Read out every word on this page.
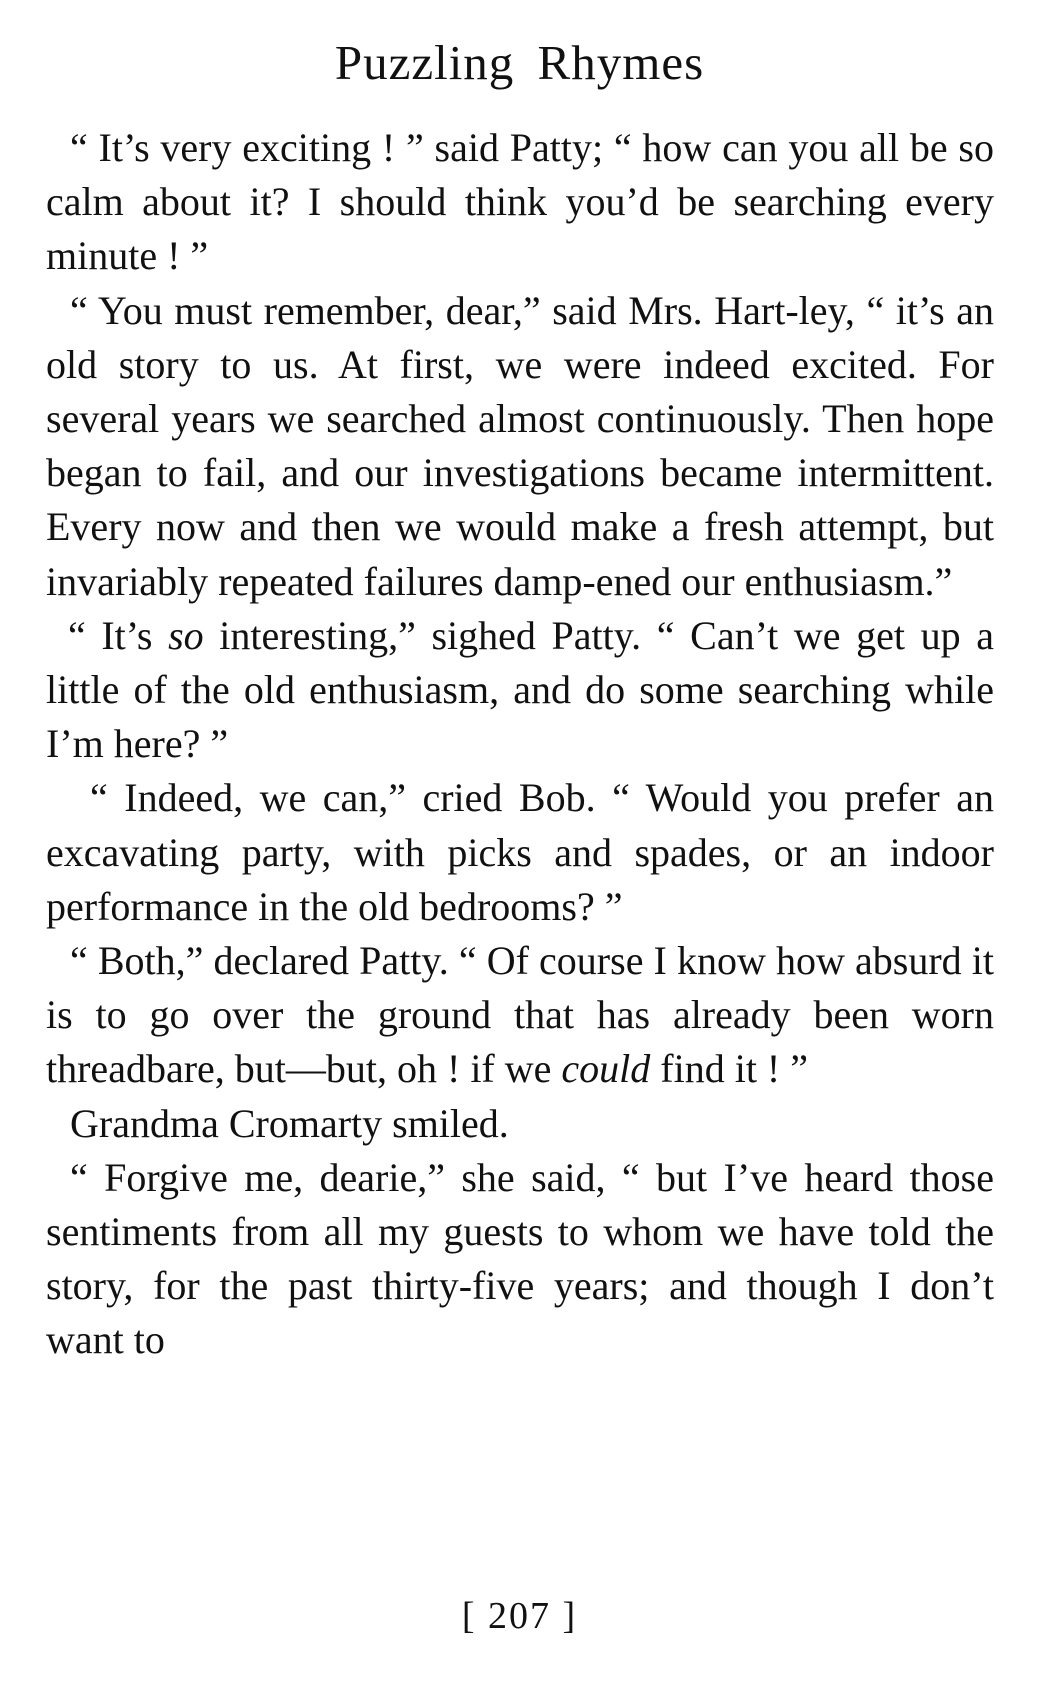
Puzzling Rhymes

“ It’s very exciting ! ” said Patty; “ how can you all be so calm about it? I should think you’d be searching every minute ! ”

“ You must remember, dear,” said Mrs. Hart-ley, “ it’s an old story to us. At first, we were indeed excited. For several years we searched almost continuously. Then hope began to fail, and our investigations became intermittent. Every now and then we would make a fresh attempt, but invariably repeated failures damp-ened our enthusiasm.”

“ It’s so interesting,” sighed Patty. “ Can’t we get up a little of the old enthusiasm, and do some searching while I’m here? ”

“ Indeed, we can,” cried Bob. “ Would you prefer an excavating party, with picks and spades, or an indoor performance in the old bedrooms? ”

“ Both,” declared Patty. “ Of course I know how absurd it is to go over the ground that has already been worn threadbare, but—but, oh ! if we could find it ! ”

Grandma Cromarty smiled.

“ Forgive me, dearie,” she said, “ but I’ve heard those sentiments from all my guests to whom we have told the story, for the past thirty-five years; and though I don’t want to

[ 207 ]
